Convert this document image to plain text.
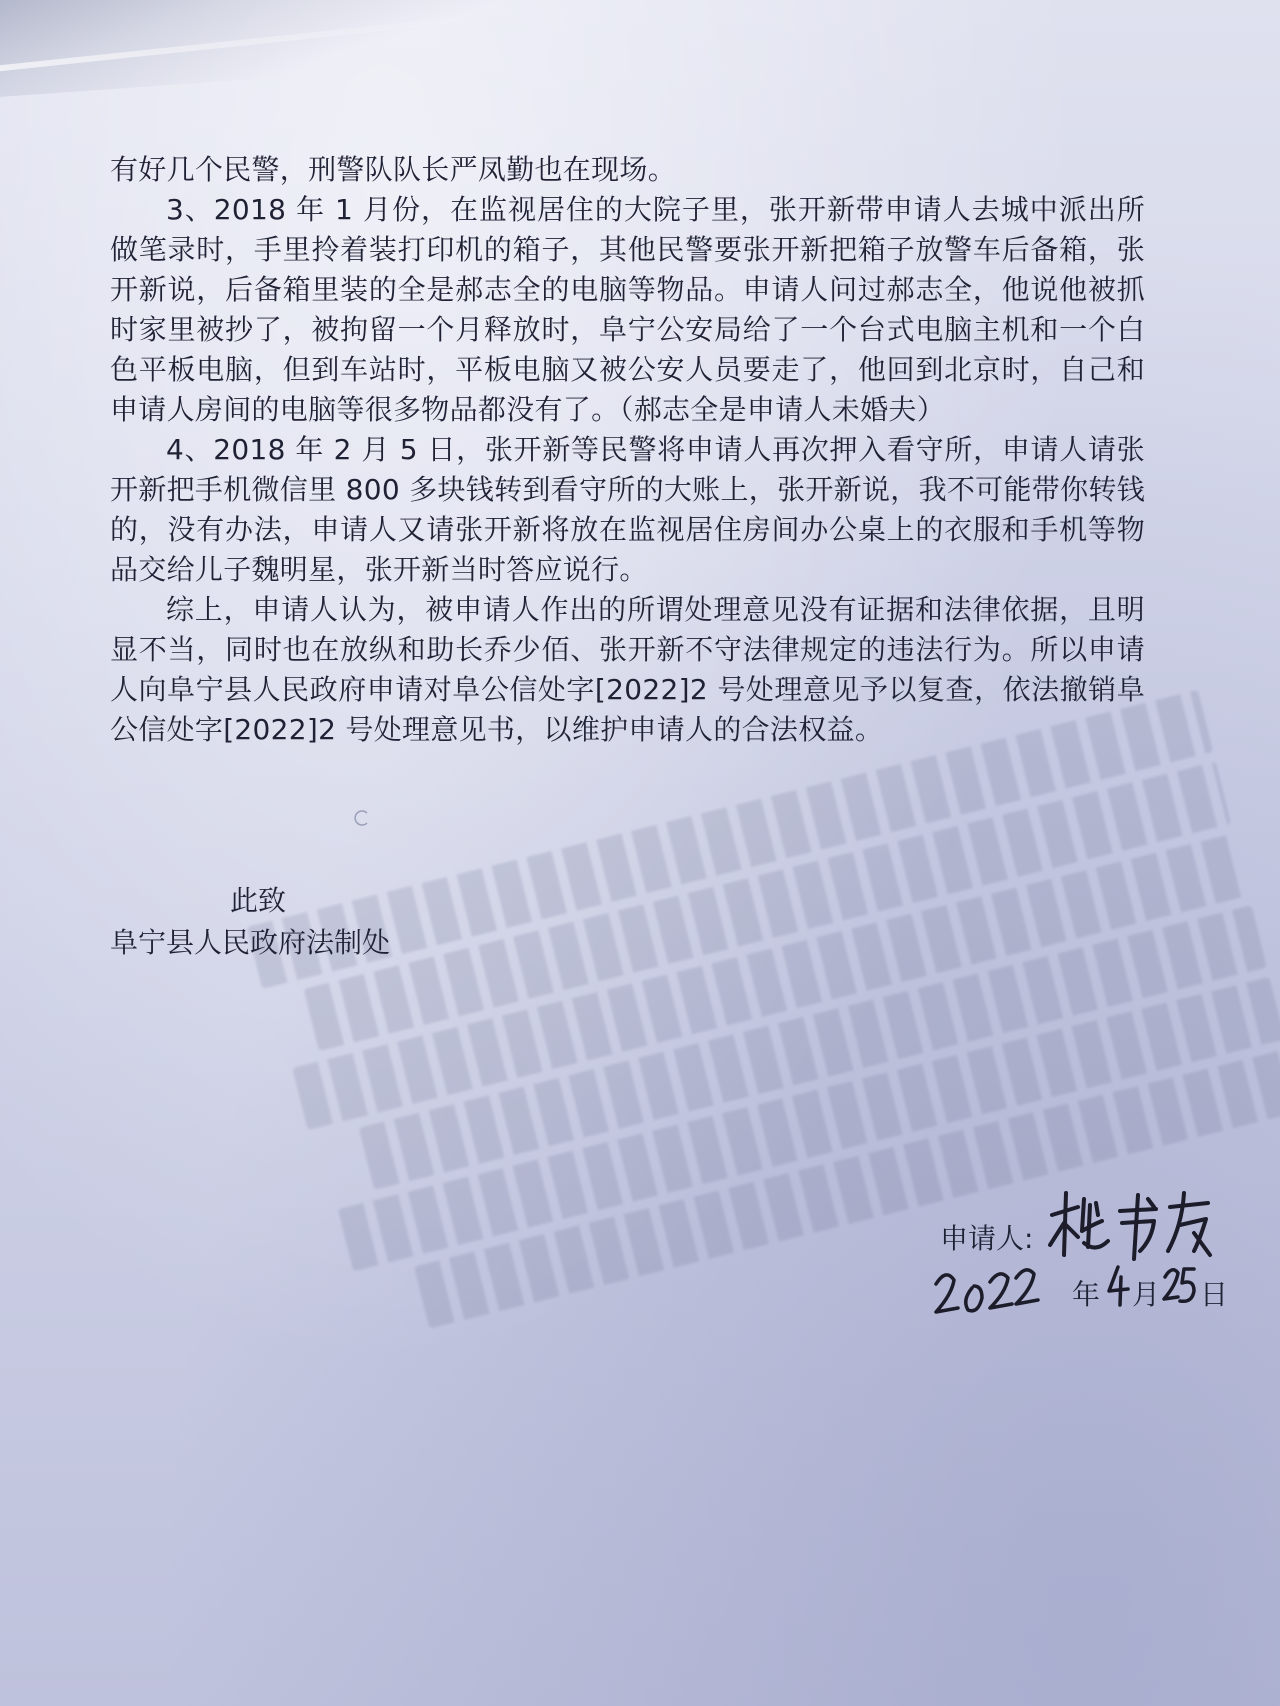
有好几个民警，刑警队队长严凤勤也在现场。

3、2018 年 1 月份，在监视居住的大院子里，张开新带申请人去城中派出所做笔录时，手里拎着装打印机的箱子，其他民警要张开新把箱子放警车后备箱，张开新说，后备箱里装的全是郝志全的电脑等物品。申请人问过郝志全，他说他被抓时家里被抄了，被拘留一个月释放时，阜宁公安局给了一个台式电脑主机和一个白色平板电脑，但到车站时，平板电脑又被公安人员要走了，他回到北京时，自己和申请人房间的电脑等很多物品都没有了。（郝志全是申请人未婚夫）

4、2018 年 2 月 5 日，张开新等民警将申请人再次押入看守所，申请人请张开新把手机微信里 800 多块钱转到看守所的大账上，张开新说，我不可能带你转钱的，没有办法，申请人又请张开新将放在监视居住房间办公桌上的衣服和手机等物品交给儿子魏明星，张开新当时答应说行。

综上，申请人认为，被申请人作出的所谓处理意见没有证据和法律依据，且明显不当，同时也在放纵和助长乔少佰、张开新不守法律规定的违法行为。所以申请人向阜宁县人民政府申请对阜公信处字[2022]2 号处理意见予以复查，依法撤销阜公信处字[2022]2 号处理意见书，以维护申请人的合法权益。

此致
阜宁县人民政府法制处
申请人:
年 月 日
